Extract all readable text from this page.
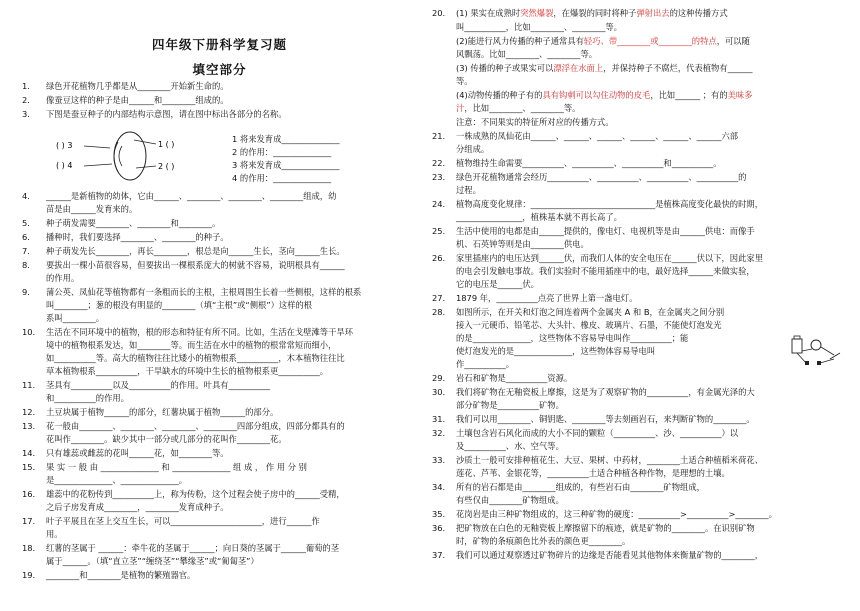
四年级下册科学复习题
填空部分
1. 绿色开花植物几乎都是从________开始新生命的。
2. 像蚕豆这样的种子是由______和________组成的。
3. 下图是蚕豆种子的内部结构示意图，请在图中标出各部分的名称。
4. ______是新植物的幼体，它由______、________、________、________组成，幼
苗是由______发育来的。
5. 种子萌发需要________、________和________。
6. 播种时，我们要选择________、________的种子。
7. 种子萌发先长________，再长________，根总是向______生长，茎向______生长。
8. 要拔出一棵小苗很容易，但要拔出一棵根系庞大的树就不容易，说明根具有______
的作用。
9. 蒲公英、凤仙花等植物都有一条粗而长的主根，主根周围生长着一些侧根，这样的根系
叫________；葱的根没有明显的________（填“主根”或“侧根”）这样的根
系叫________。
10. 生活在不同环境中的植物，根的形态和特征有所不同。比如，生活在戈壁滩等干旱环
境中的植物根系发达，如________等。而生活在水中的植物的根常常短而细小，
如__________等。高大的植物往往比矮小的植物根系__________，木本植物往往比
草本植物根系__________，干旱缺水的环境中生长的植物根系更__________。
11. 茎具有__________以及__________的作用。叶具有__________
和__________的作用。
12. 土豆块属于植物______的部分，红薯块属于植物______的部分。
13. 花一般由________、________、________、________四部分组成，四部分都具有的
花叫作________。缺少其中一部分或几部分的花叫作________花。
14. 只有雄蕊或雌蕊的花叫______花，如________等。
15. 果 实 一 般 由 ______________ 和 ______________ 组 成 ， 作 用 分 别
是______________、______________。
16. 雄蕊中的花粉传到__________上，称为传粉，这个过程会使子房中的______受精，
之后子房发育成________，________发育成种子。
17. 叶子平展且在茎上交互生长，可以______________________，进行______作
用。
18. 红薯的茎属于 ______：牵牛花的茎属于______；向日葵的茎属于______葡萄的茎
属于______。（填“直立茎”“缠绕茎”“攀缘茎”或“匍匐茎”）
19. ________和________是植物的繁殖器官。
( ) 3
( ) 4
1 ( )
2 ( )
1 将来发育成______________
2 的作用：______________
3 将来发育成______________
4 的作用：______________
20. (1) 果实在成熟时突然爆裂，在爆裂的同时将种子弹射出去的这种传播方式
叫__________，比如________、________等。
(2)能进行风力传播的种子通常具有轻巧、带________或________的特点，可以随
风飘荡。比如________、________等。
(3) 传播的种子或果实可以漂浮在水面上，并保持种子不腐烂，代表植物有______
等。
(4)动物传播的种子有的具有钩刺可以勾住动物的皮毛，比如______ ；有的美味多
汁，比如________、________等。
注意：不同果实的特征所对应的传播方式。
21. 一株成熟的凤仙花由______、______、______、______、______、______六部
分组成。
22. 植物维持生命需要__________、__________、__________和__________。
23. 绿色开花植物通常会经历__________、__________、__________、__________的
过程。
24. 植物高度变化规律：______________________________是植株高度变化最快的时期，
________________，植株基本就不再长高了。
25. 生活中使用的电都是由______提供的，像电灯、电视机等是由______供电：而像手
机、石英钟等则是由________供电。
26. 家里插座内的电压达到______伏，而我们人体的安全电压在______伏以下，因此家里
的电会引发触电事故。我们实验时不能用插座中的电，最好选择______来做实验，
它的电压是______伏。
27. 1879 年，__________点亮了世界上第一盏电灯。
28. 如图所示，在开关和灯泡之间连着两个金属夹 A 和 B，在金属夹之间分别
接入一元硬币、铅笔芯、大头针、橡皮、玻璃片、石墨，不能使灯泡发光
的是______________，这些物体不容易导电叫作__________；能
使灯泡发光的是______________，这些物体容易导电叫
作__________。
29. 岩石和矿物是__________资源。
30. 我们将矿物在无釉瓷板上摩擦，这是为了观察矿物的__________，有金属光泽的大
部分矿物是__________矿物。
31. 我们可以用________、铜钥匙、________等去刻画岩石，来判断矿物的________。
32. 土壤包含岩石风化而成的大小不同的颗粒（__________、沙、__________）以
及__________、水、空气等。
33. 沙质土一般可安排种植花生、大豆、果树、中药材，________土适合种植稻米荷花、
莲花、芦苇、金银花等，__________土适合种植各种作物，是理想的土壤。
34. 所有的岩石都是由________组成的，有些岩石由________矿物组成，
有些仅由________矿物组成。
35. 花岗岩是由三种矿物组成的，这三种矿物的硬度：__________>__________>________。
36. 把矿物放在白色的无釉瓷板上摩擦留下的痕迹，就是矿物的________。在识别矿物
时，矿物的条痕颜色比外表的颜色更________。
37. 我们可以通过观察透过矿物碎片的边缘是否能看见其他物体来衡量矿物的________，
